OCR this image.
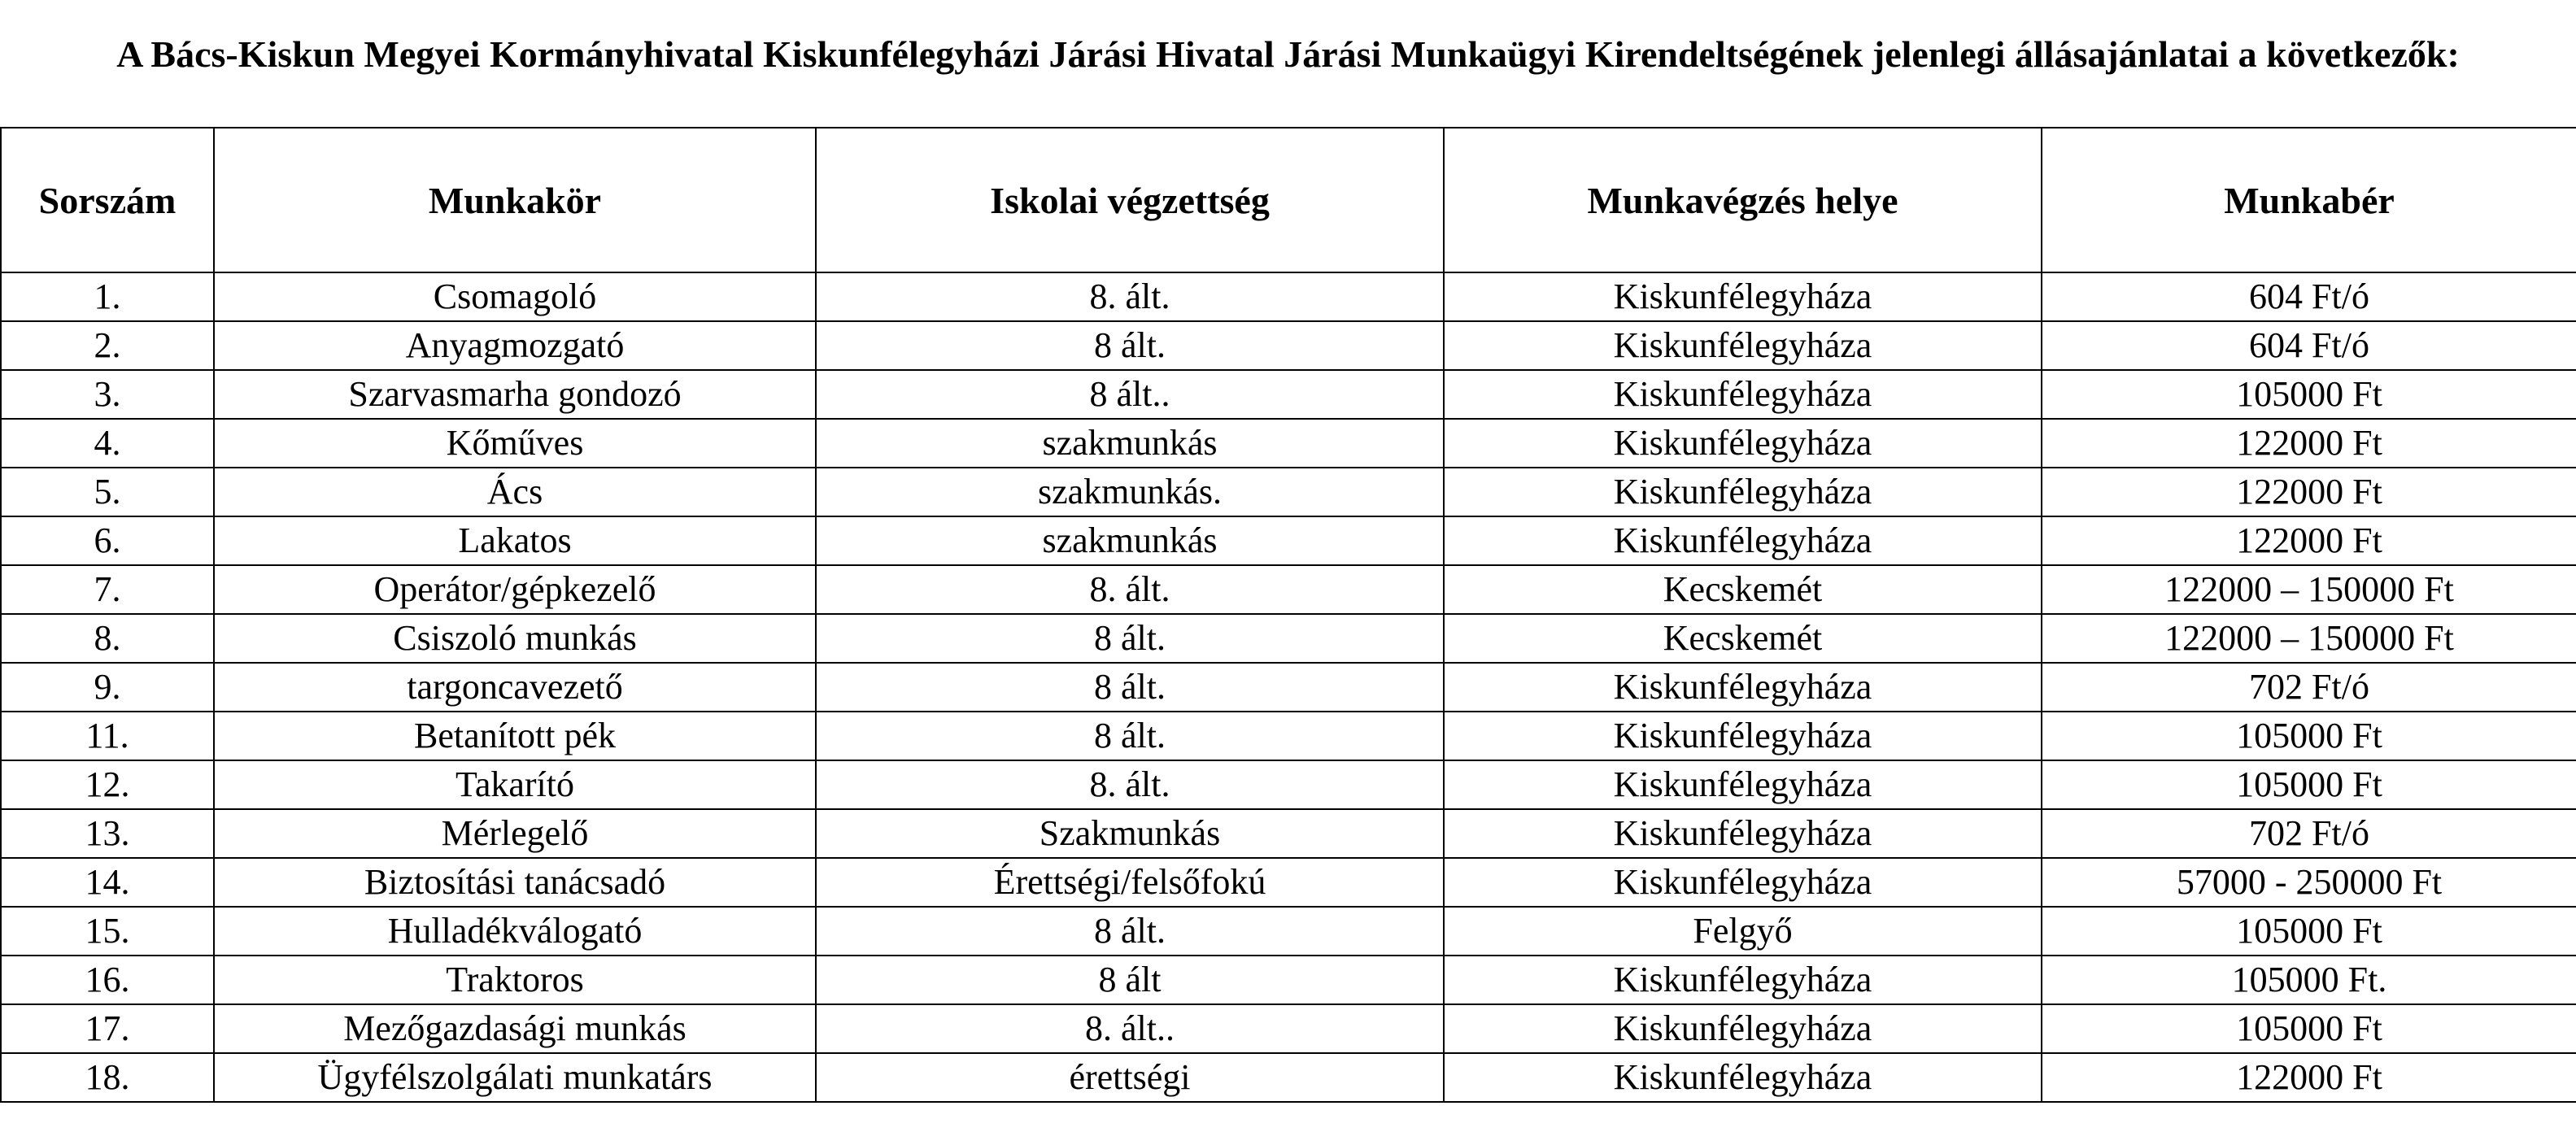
A Bács-Kiskun Megyei Kormányhivatal Kiskunfélegyházi Járási Hivatal Járási Munkaügyi Kirendeltségének jelenlegi állásajánlatai a következők:
Sorszám	Munkakör	Iskolai végzettség	Munkavégzés helye	Munkabér
1.	Csomagoló	8. ált.	Kiskunfélegyháza	604 Ft/ó
2.	Anyagmozgató	8 ált.	Kiskunfélegyháza	604 Ft/ó
3.	Szarvasmarha gondozó	8 ált..	Kiskunfélegyháza	105000 Ft
4.	Kőműves	szakmunkás	Kiskunfélegyháza	122000 Ft
5.	Ács	szakmunkás.	Kiskunfélegyháza	122000 Ft
6.	Lakatos	szakmunkás	Kiskunfélegyháza	122000 Ft
7.	Operátor/gépkezelő	8. ált.	Kecskemét	122000 – 150000 Ft
8.	Csiszoló munkás	8 ált.	Kecskemét	122000 – 150000 Ft
9.	targoncavezető	8 ált.	Kiskunfélegyháza	702 Ft/ó
11.	Betanított pék	8 ált.	Kiskunfélegyháza	105000 Ft
12.	Takarító	8. ált.	Kiskunfélegyháza	105000 Ft
13.	Mérlegelő	Szakmunkás	Kiskunfélegyháza	702 Ft/ó
14.	Biztosítási tanácsadó	Érettségi/felsőfokú	Kiskunfélegyháza	57000 - 250000 Ft
15.	Hulladékválogató	8 ált.	Felgyő	105000 Ft
16.	Traktoros	8 ált	Kiskunfélegyháza	105000 Ft.
17.	Mezőgazdasági munkás	8. ált..	Kiskunfélegyháza	105000 Ft
18.	Ügyfélszolgálati munkatárs	érettségi	Kiskunfélegyháza	122000 Ft
